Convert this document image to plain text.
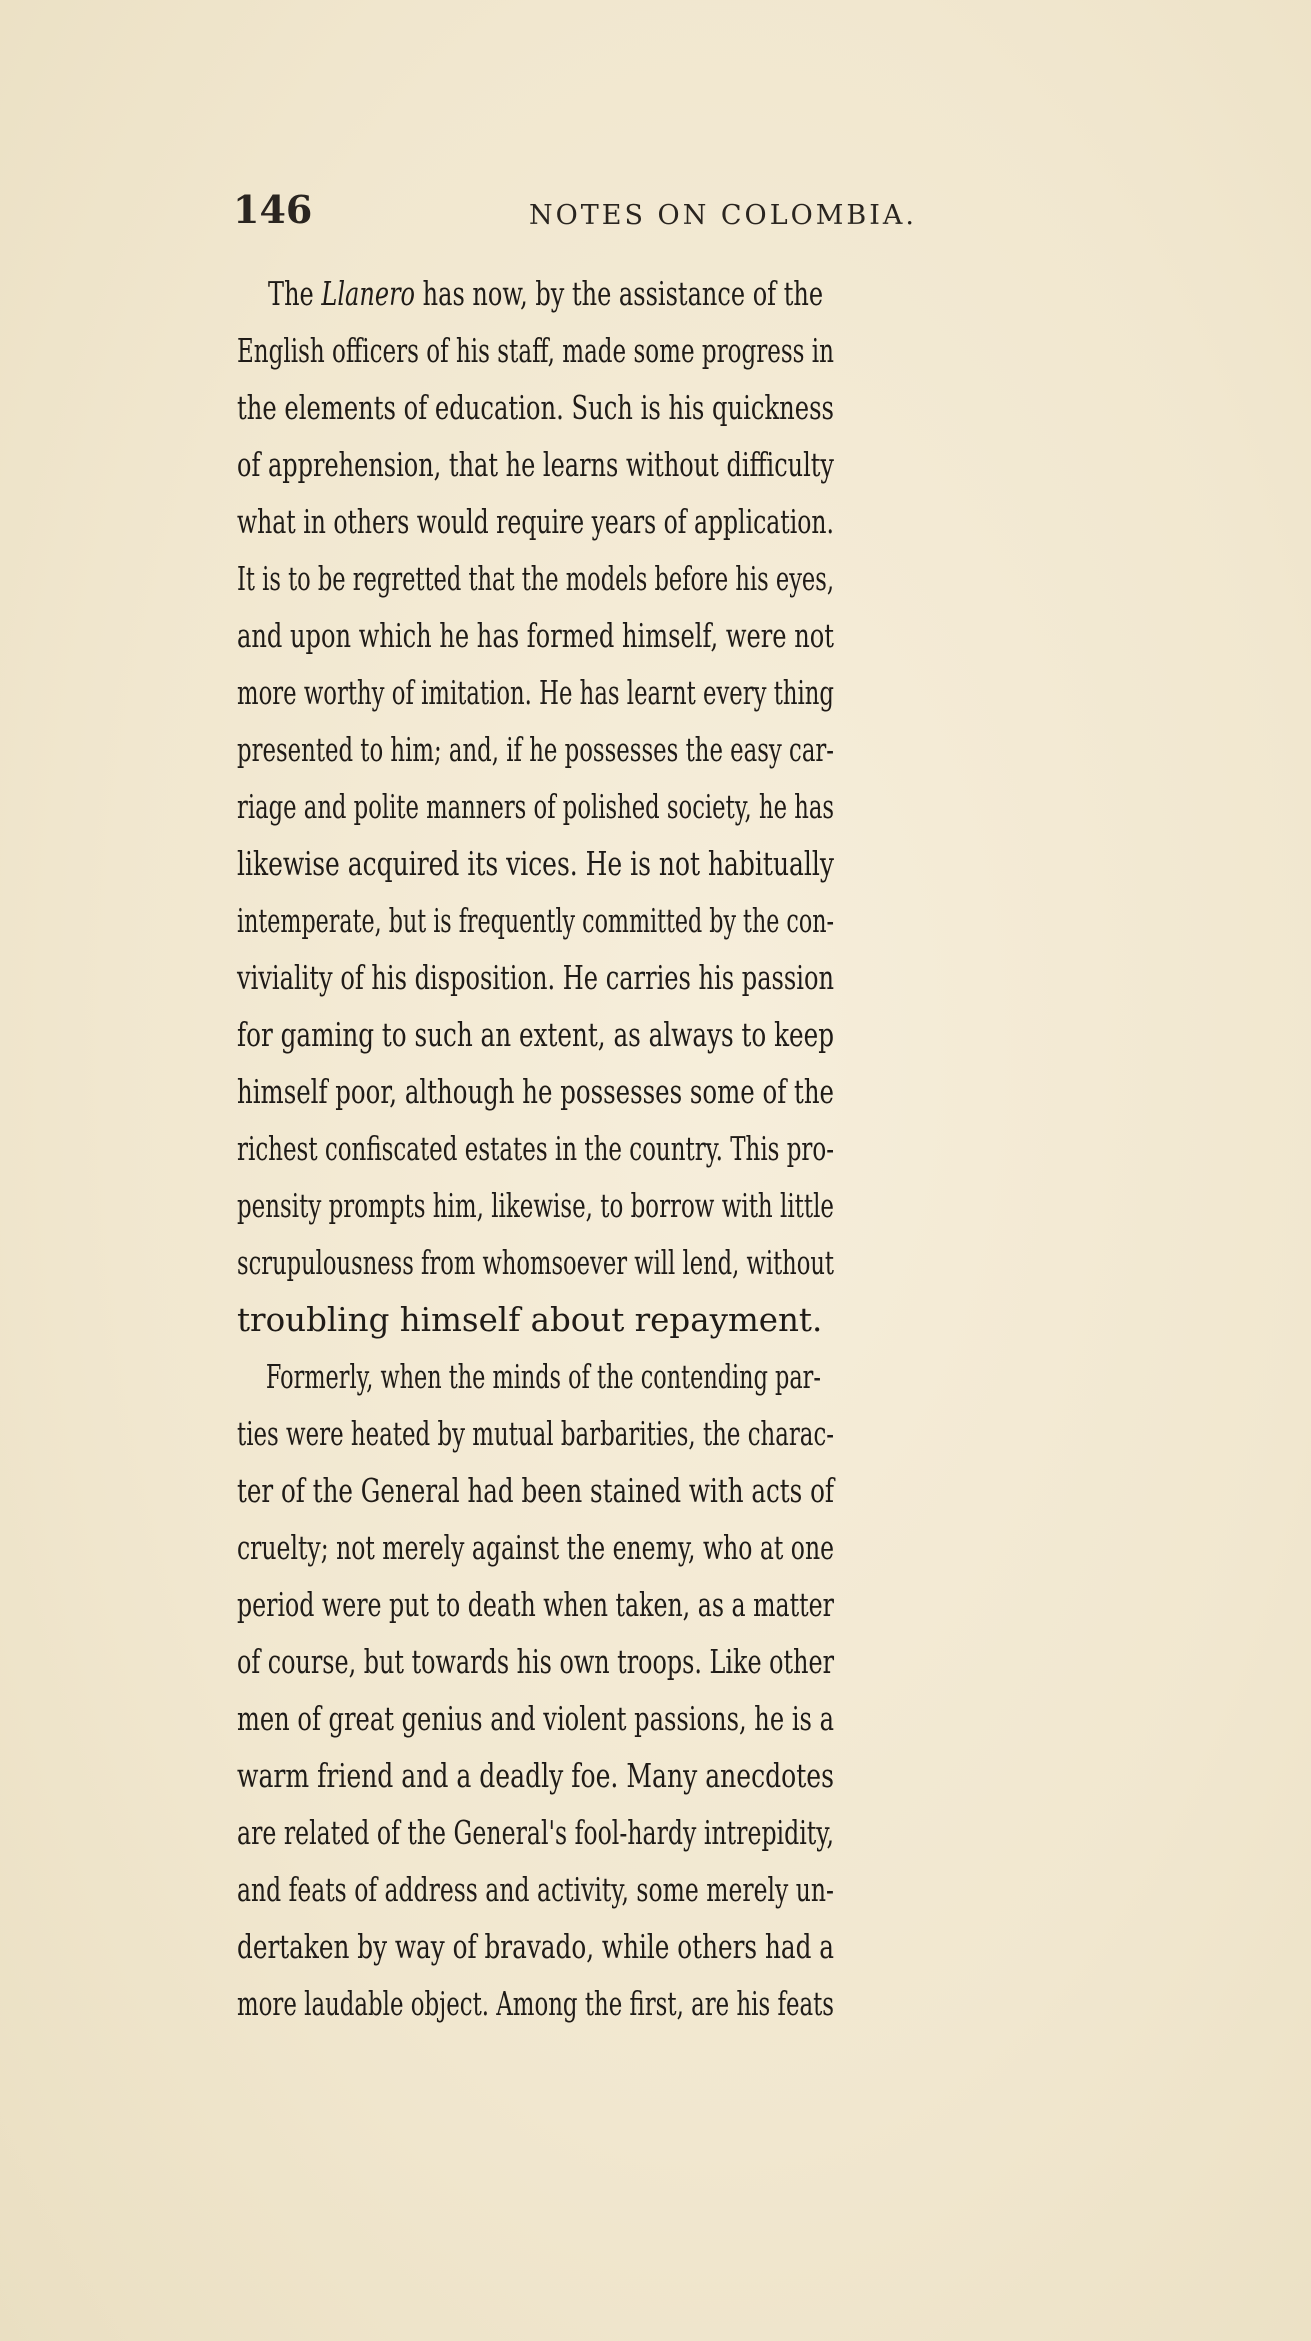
146	NOTES ON COLOMBIA.
The Llanero has now, by the assistance of the
English officers of his staff, made some progress in
the elements of education. Such is his quickness
of apprehension, that he learns without difficulty
what in others would require years of application.
It is to be regretted that the models before his eyes,
and upon which he has formed himself, were not
more worthy of imitation. He has learnt every thing
presented to him; and, if he possesses the easy car-
riage and polite manners of polished society, he has
likewise acquired its vices. He is not habitually
intemperate, but is frequently committed by the con-
viviality of his disposition. He carries his passion
for gaming to such an extent, as always to keep
himself poor, although he possesses some of the
richest confiscated estates in the country. This pro-
pensity prompts him, likewise, to borrow with little
scrupulousness from whomsoever will lend, without
troubling himself about repayment.
Formerly, when the minds of the contending par-
ties were heated by mutual barbarities, the charac-
ter of the General had been stained with acts of
cruelty; not merely against the enemy, who at one
period were put to death when taken, as a matter
of course, but towards his own troops. Like other
men of great genius and violent passions, he is a
warm friend and a deadly foe. Many anecdotes
are related of the General's fool-hardy intrepidity,
and feats of address and activity, some merely un-
dertaken by way of bravado, while others had a
more laudable object. Among the first, are his feats
